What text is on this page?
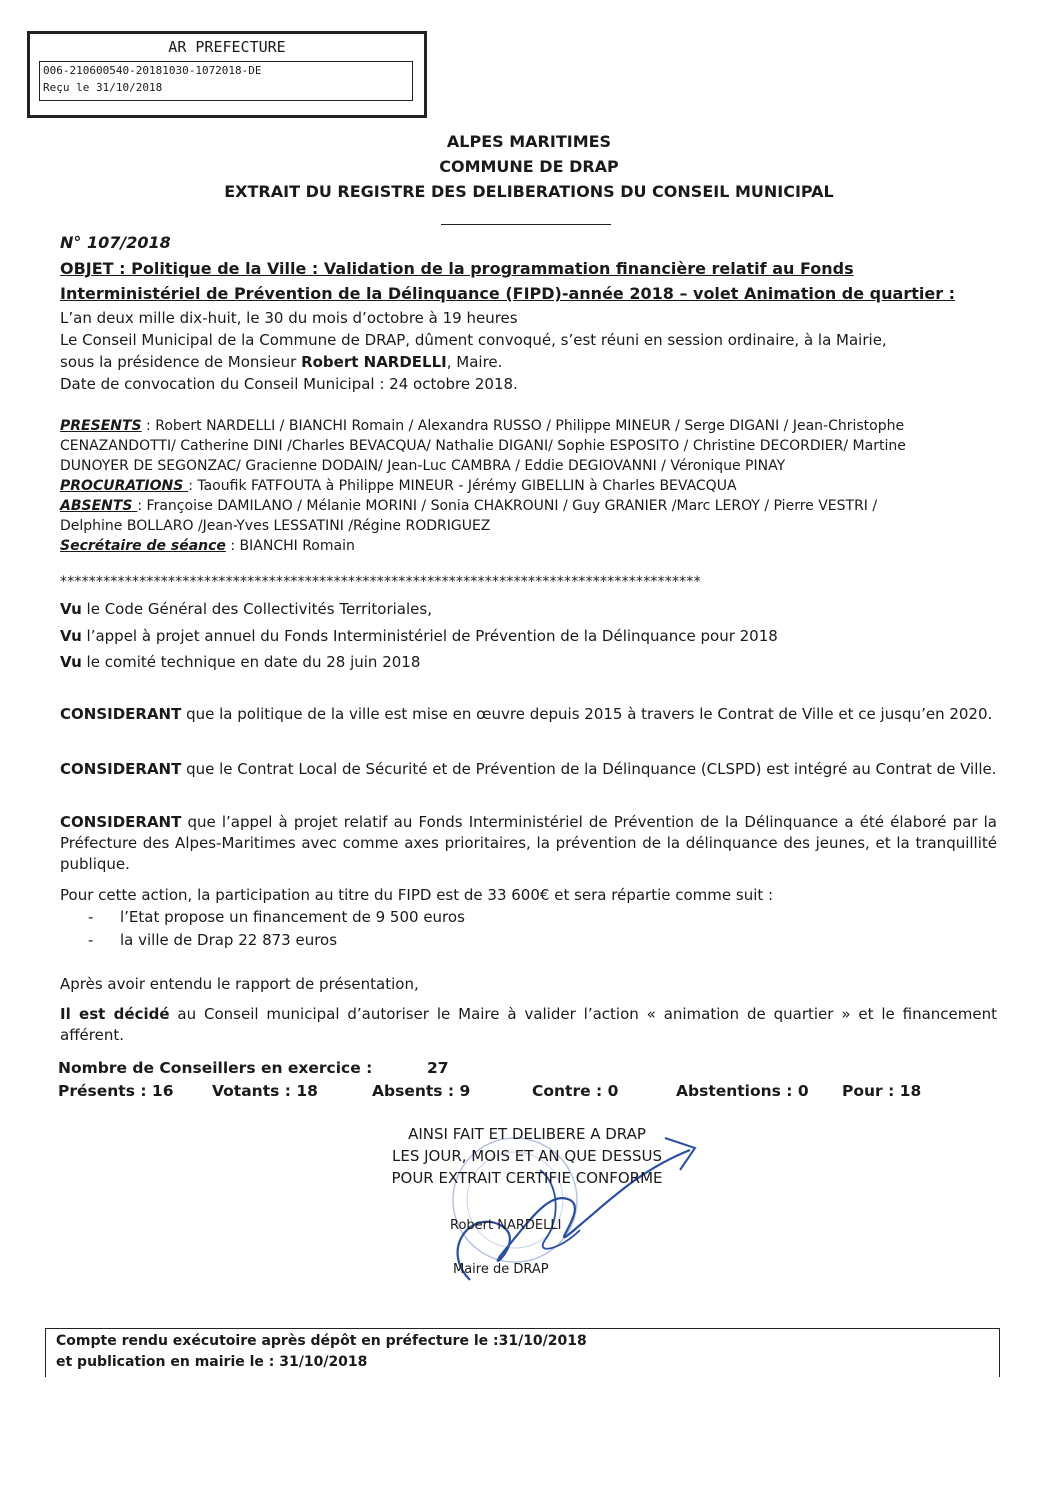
AR PREFECTURE
006-210600540-20181030-1072018-DE
Reçu le 31/10/2018
ALPES MARITIMES
COMMUNE DE DRAP
EXTRAIT DU REGISTRE DES DELIBERATIONS DU CONSEIL MUNICIPAL
N° 107/2018
OBJET : Politique de la Ville : Validation de la programmation financière relatif au Fonds
Interministériel de Prévention de la Délinquance (FIPD)-année 2018 – volet Animation de quartier :
L’an deux mille dix-huit, le 30 du mois d’octobre à 19 heures
Le Conseil Municipal de la Commune de DRAP, dûment convoqué, s’est réuni en session ordinaire, à la Mairie,
sous la présidence de Monsieur Robert NARDELLI, Maire.
Date de convocation du Conseil Municipal : 24 octobre 2018.
PRESENTS : Robert NARDELLI / BIANCHI Romain / Alexandra RUSSO / Philippe MINEUR / Serge DIGANI / Jean-Christophe
CENAZANDOTTI/ Catherine DINI /Charles BEVACQUA/ Nathalie DIGANI/ Sophie ESPOSITO / Christine DECORDIER/ Martine
DUNOYER DE SEGONZAC/ Gracienne DODAIN/ Jean-Luc CAMBRA / Eddie DEGIOVANNI / Véronique PINAY
PROCURATIONS : Taoufik FATFOUTA à Philippe MINEUR - Jérémy GIBELLIN à Charles BEVACQUA
ABSENTS : Françoise DAMILANO / Mélanie MORINI / Sonia CHAKROUNI / Guy GRANIER /Marc LEROY / Pierre VESTRI /
Delphine BOLLARO /Jean-Yves LESSATINI /Régine RODRIGUEZ
Secrétaire de séance : BIANCHI Romain
*****************************************************************************************
Vu le Code Général des Collectivités Territoriales,
Vu l’appel à projet annuel du Fonds Interministériel de Prévention de la Délinquance pour 2018
Vu le comité technique en date du 28 juin 2018
CONSIDERANT que la politique de la ville est mise en œuvre depuis 2015 à travers le Contrat de Ville et ce jusqu’en 2020.
CONSIDERANT que le Contrat Local de Sécurité et de Prévention de la Délinquance (CLSPD) est intégré au Contrat de Ville.
CONSIDERANT que l’appel à projet relatif au Fonds Interministériel de Prévention de la Délinquance a été élaboré par la Préfecture des Alpes-Maritimes avec comme axes prioritaires, la prévention de la délinquance des jeunes, et la tranquillité publique.
Pour cette action, la participation au titre du FIPD est de 33 600€ et sera répartie comme suit :
- l’Etat propose un financement de 9 500 euros
- la ville de Drap 22 873 euros
Après avoir entendu le rapport de présentation,
Il est décidé au Conseil municipal d’autoriser le Maire à valider l’action « animation de quartier » et le financement afférent.
Nombre de Conseillers en exercice :	27
Présents : 16 Votants : 18	Absents : 9	Contre : 0	Abstentions : 0 Pour : 18
AINSI FAIT ET DELIBERE A DRAP
LES JOUR, MOIS ET AN QUE DESSUS
POUR EXTRAIT CERTIFIE CONFORME
Robert NARDELLI
Maire de DRAP
Compte rendu exécutoire après dépôt en préfecture le :31/10/2018
et publication en mairie le : 31/10/2018
